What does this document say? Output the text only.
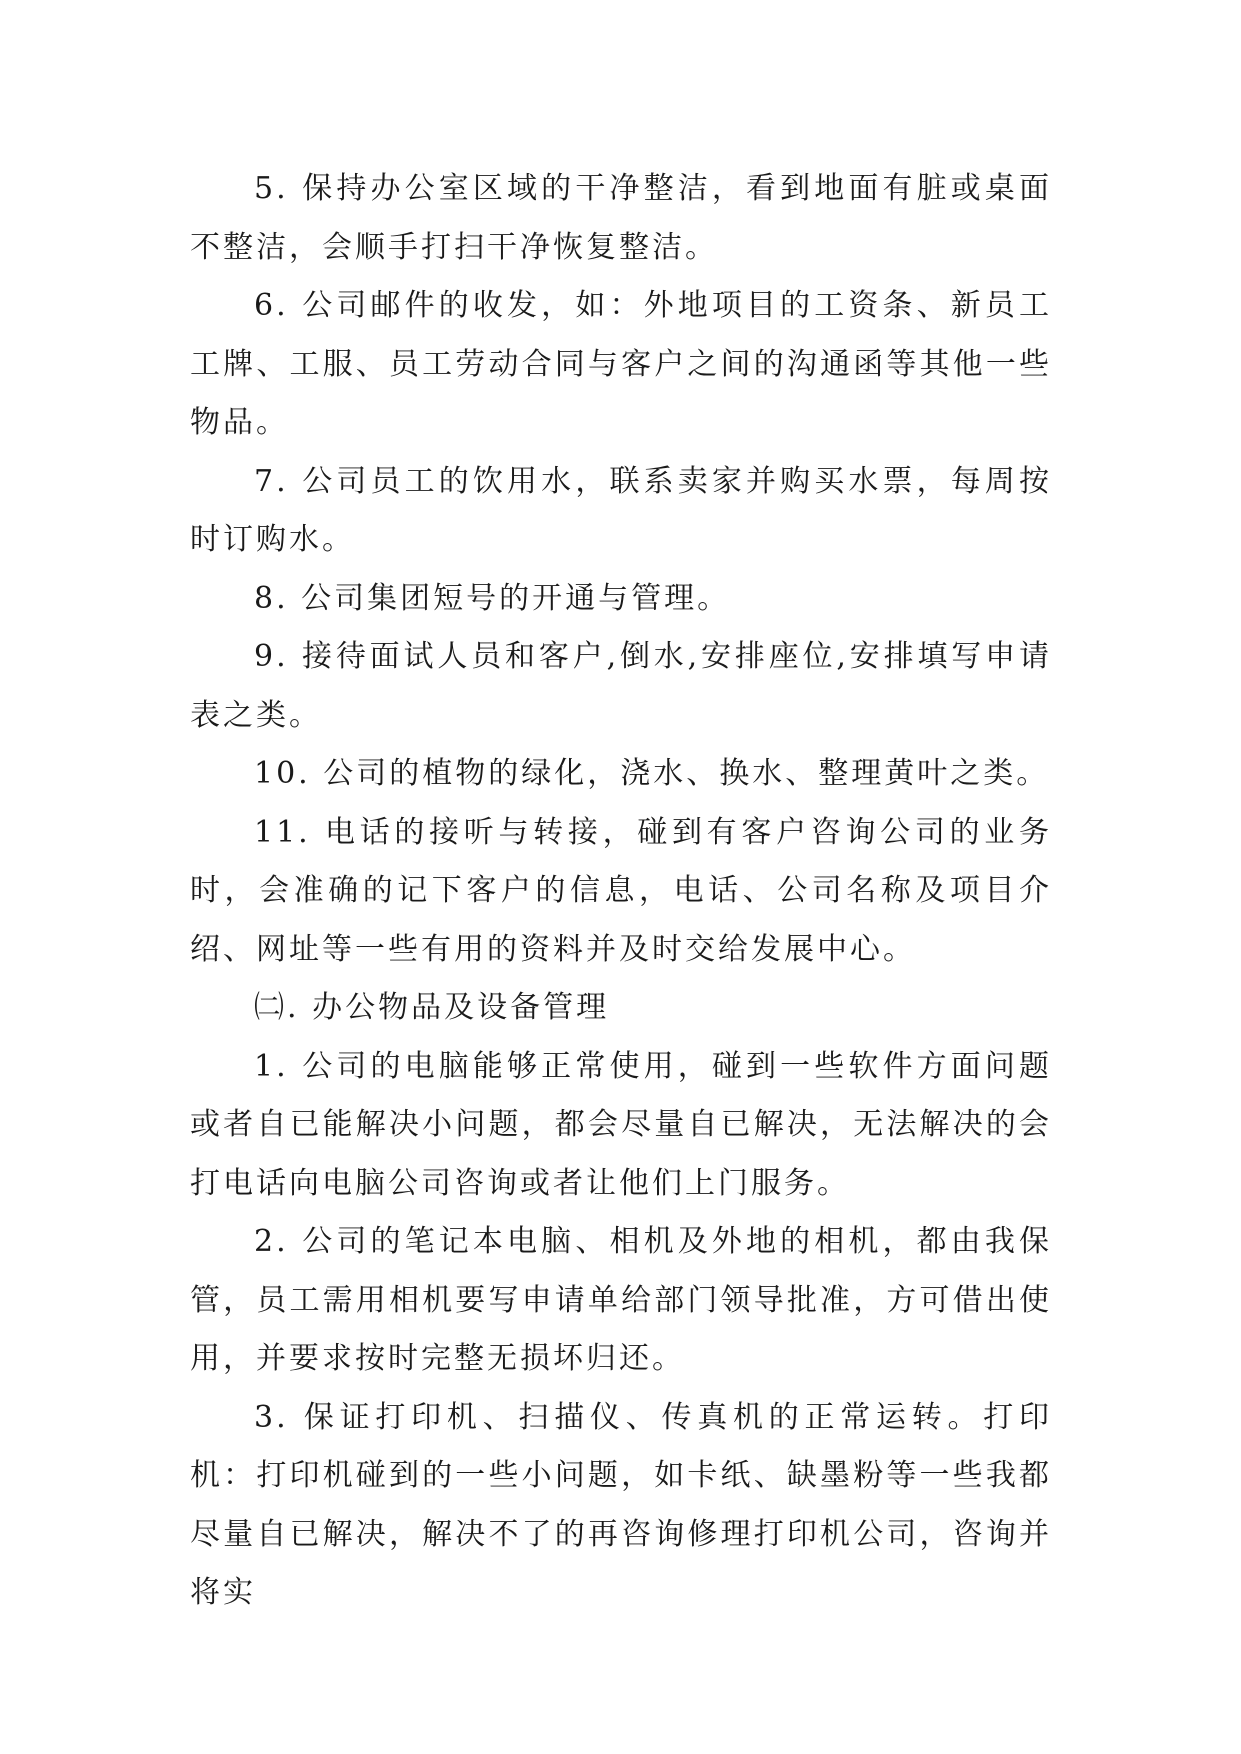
5. 保持办公室区域的干净整洁，看到地面有脏或桌面不整洁，会顺手打扫干净恢复整洁。

6. 公司邮件的收发，如：外地项目的工资条、新员工工牌、工服、员工劳动合同与客户之间的沟通函等其他一些物品。

7. 公司员工的饮用水，联系卖家并购买水票，每周按时订购水。

8. 公司集团短号的开通与管理。

9. 接待面试人员和客户,倒水,安排座位,安排填写申请表之类。

10. 公司的植物的绿化，浇水、换水、整理黄叶之类。

11. 电话的接听与转接，碰到有客户咨询公司的业务时，会准确的记下客户的信息，电话、公司名称及项目介绍、网址等一些有用的资料并及时交给发展中心。

㈡. 办公物品及设备管理

1. 公司的电脑能够正常使用，碰到一些软件方面问题或者自已能解决小问题，都会尽量自已解决，无法解决的会打电话向电脑公司咨询或者让他们上门服务。

2. 公司的笔记本电脑、相机及外地的相机，都由我保管，员工需用相机要写申请单给部门领导批准，方可借出使用，并要求按时完整无损坏归还。

3. 保证打印机、扫描仪、传真机的正常运转。打印机：打印机碰到的一些小问题，如卡纸、缺墨粉等一些我都尽量自已解决，解决不了的再咨询修理打印机公司，咨询并将实
